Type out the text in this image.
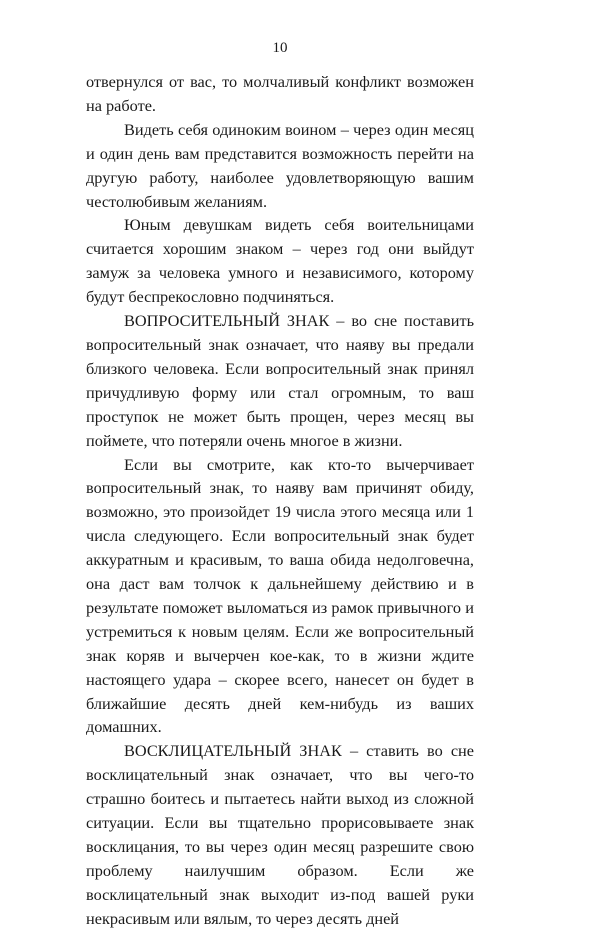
10

отвернулся от вас, то молчаливый конфликт возможен на работе.

Видеть себя одиноким воином – через один месяц и один день вам представится возможность перейти на другую работу, наиболее удовлетворяющую вашим честолюбивым желаниям.

Юным девушкам видеть себя воительницами считается хорошим знаком – через год они выйдут замуж за человека умного и независимого, которому будут беспрекословно подчиняться.

ВОПРОСИТЕЛЬНЫЙ ЗНАК – во сне поставить вопросительный знак означает, что наяву вы предали близкого человека. Если вопросительный знак принял причудливую форму или стал огромным, то ваш проступок не может быть прощен, через месяц вы поймете, что потеряли очень многое в жизни.

Если вы смотрите, как кто-то вычерчивает вопросительный знак, то наяву вам причинят обиду, возможно, это произойдет 19 числа этого месяца или 1 числа следующего. Если вопросительный знак будет аккуратным и красивым, то ваша обида недолговечна, она даст вам толчок к дальнейшему действию и в результате поможет выломаться из рамок привычного и устремиться к новым целям. Если же вопросительный знак коряв и вычерчен кое-как, то в жизни ждите настоящего удара – скорее всего, нанесет он будет в ближайшие десять дней кем-нибудь из ваших домашних.

ВОСКЛИЦАТЕЛЬНЫЙ ЗНАК – ставить во сне восклицательный знак означает, что вы чего-то страшно боитесь и пытаетесь найти выход из сложной ситуации. Если вы тщательно прорисовываете знак восклицания, то вы через один месяц разрешите свою проблему наилучшим образом. Если же восклицательный знак выходит из-под вашей руки некрасивым или вялым, то через десять дней
